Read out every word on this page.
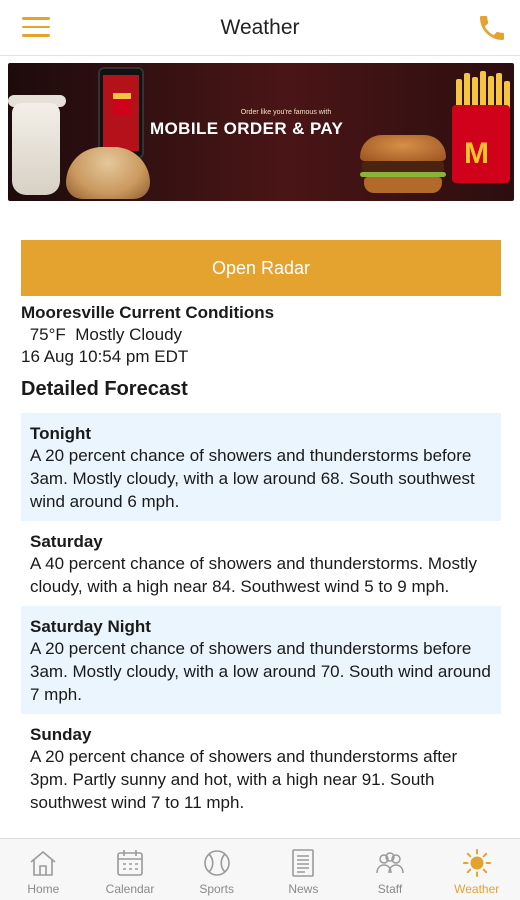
Weather
Order like you're famous with
MOBILE ORDER & PAY
M
Open Radar
Mooresville Current Conditions
75°F  Mostly Cloudy
16 Aug 10:54 pm EDT
Detailed Forecast
Tonight
A 20 percent chance of showers and thunderstorms before 3am. Mostly cloudy, with a low around 68. South southwest wind around 6 mph.
Saturday
A 40 percent chance of showers and thunderstorms. Mostly cloudy, with a high near 84. Southwest wind 5 to 9 mph.
Saturday Night
A 20 percent chance of showers and thunderstorms before 3am. Mostly cloudy, with a low around 70. South wind around 7 mph.
Sunday
A 20 percent chance of showers and thunderstorms after 3pm. Partly sunny and hot, with a high near 91. South southwest wind 7 to 11 mph.
Home	Calendar	Sports	News	Staff	Weather
